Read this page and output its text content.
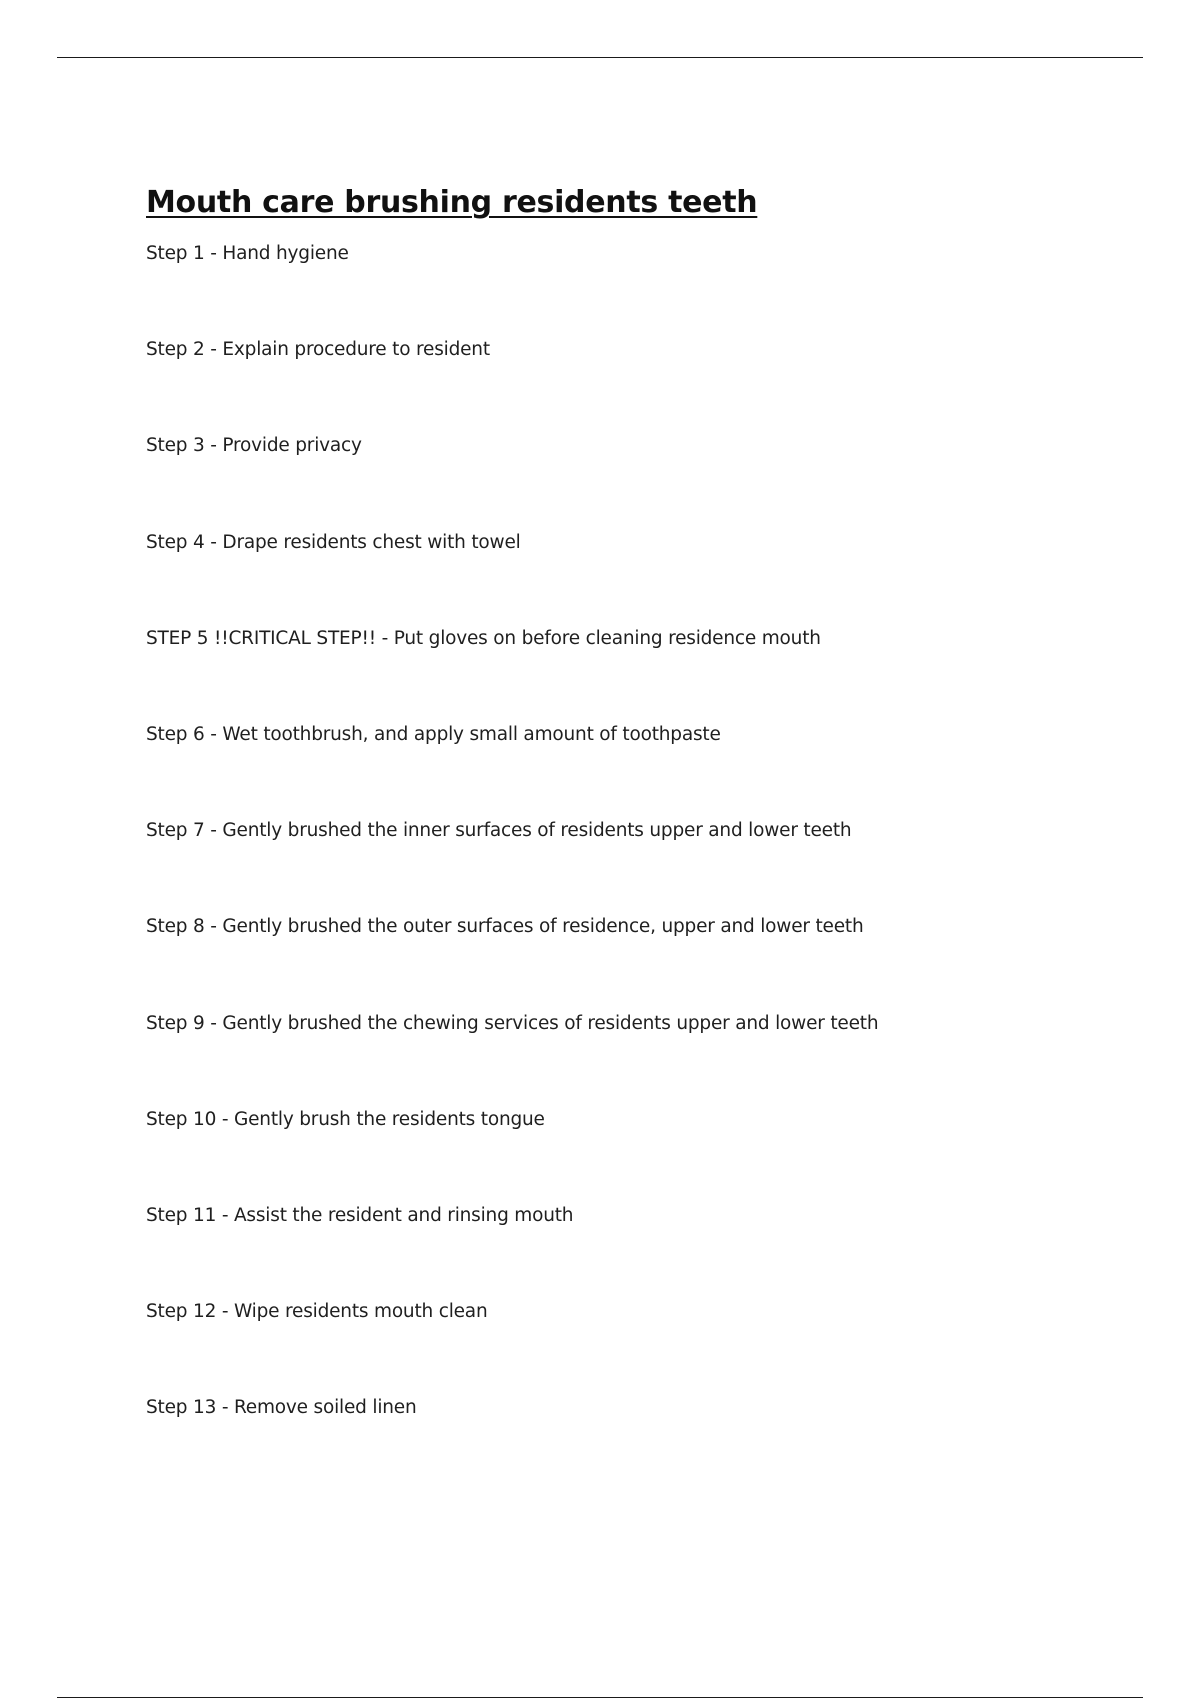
Mouth care brushing residents teeth
Step 1 - Hand hygiene
Step 2 - Explain procedure to resident
Step 3 - Provide privacy
Step 4 - Drape residents chest with towel
STEP 5 !!CRITICAL STEP!! - Put gloves on before cleaning residence mouth
Step 6 - Wet toothbrush, and apply small amount of toothpaste
Step 7 - Gently brushed the inner surfaces of residents upper and lower teeth
Step 8 - Gently brushed the outer surfaces of residence, upper and lower teeth
Step 9 - Gently brushed the chewing services of residents upper and lower teeth
Step 10 - Gently brush the residents tongue
Step 11 - Assist the resident and rinsing mouth
Step 12 - Wipe residents mouth clean
Step 13 - Remove soiled linen
